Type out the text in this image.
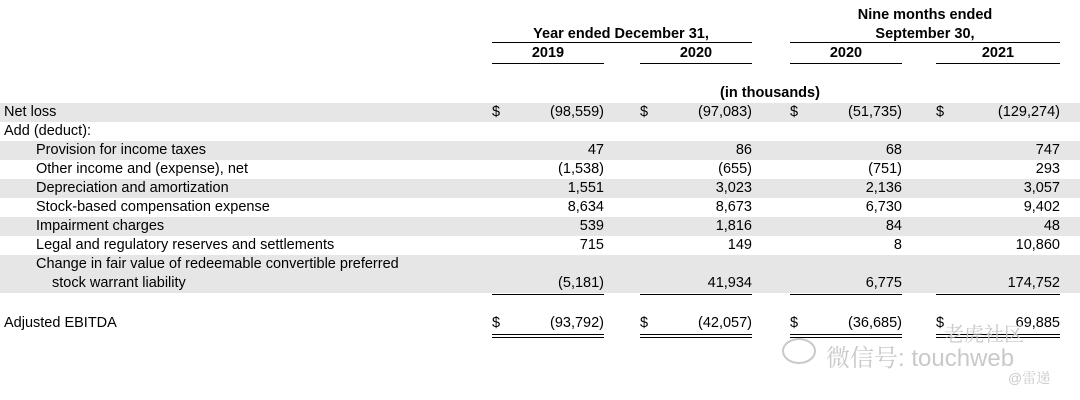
Year ended December 31,
Nine months ended
September 30,
2019	2020	2020	2021
(in thousands)
Net loss	$	(98,559) $	(97,083)	$	(51,735) $	(129,274)
Add (deduct):
Provision for income taxes	47	86	68	747
Other income and (expense), net	(1,538)	(655)	(751)	293
Depreciation and amortization	1,551	3,023	2,136	3,057
Stock-based compensation expense	8,634	8,673	6,730	9,402
Impairment charges	539	1,816	84	48
Legal and regulatory reserves and settlements	715	149	8	10,860
Change in fair value of redeemable convertible preferred
stock warrant liability	(5,181)	41,934	6,775	174,752
Adjusted EBITDA	$	(93,792) $	(42,057)	$	(36,685) $	69,885
老虎社区
微信号: touchweb
@雷递
